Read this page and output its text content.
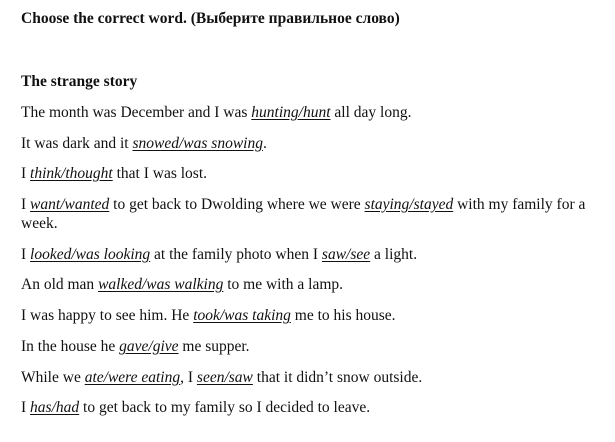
Choose the correct word. (Выберите правильное слово)
The strange story
The month was December and I was hunting/hunt all day long.
It was dark and it snowed/was snowing.
I think/thought that I was lost.
I want/wanted to get back to Dwolding where we were staying/stayed with my family for a week.
I looked/was looking at the family photo when I saw/see a light.
An old man walked/was walking to me with a lamp.
I was happy to see him. He took/was taking me to his house.
In the house he gave/give me supper.
While we ate/were eating, I seen/saw that it didn’t snow outside.
I has/had to get back to my family so I decided to leave.
